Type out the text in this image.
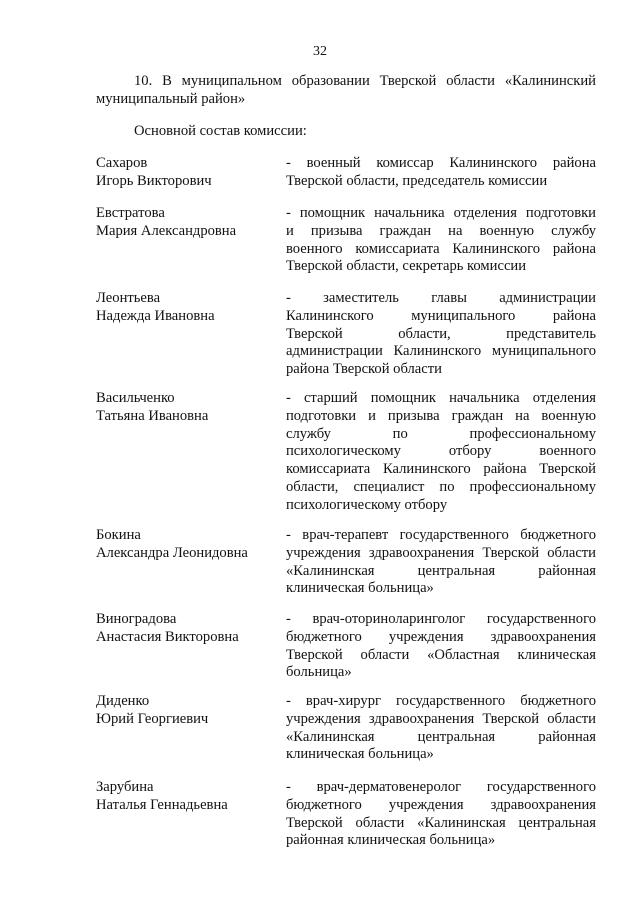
32
10. В муниципальном образовании Тверской области «Калининский муниципальный район»
Основной состав комиссии:
Сахаров
Игорь Викторович
- военный комиссар Калининского района
Тверской области, председатель комиссии
Евстратова
Мария Александровна
- помощник начальника отделения подготовки
и призыва граждан на военную службу
военного комиссариата Калининского района
Тверской области, секретарь комиссии
Леонтьева
Надежда Ивановна
- заместитель главы администрации
Калининского муниципального района
Тверской области, представитель
администрации Калининского муниципального
района Тверской области
Васильченко
Татьяна Ивановна
- старший помощник начальника отделения
подготовки и призыва граждан на военную
службу по профессиональному
психологическому отбору военного
комиссариата Калининского района Тверской
области, специалист по профессиональному
психологическому отбору
Бокина
Александра Леонидовна
- врач-терапевт государственного бюджетного
учреждения здравоохранения Тверской области
«Калининская центральная районная
клиническая больница»
Виноградова
Анастасия Викторовна
- врач-оториноларинголог государственного
бюджетного учреждения здравоохранения
Тверской области «Областная клиническая
больница»
Диденко
Юрий Георгиевич
- врач-хирург государственного бюджетного
учреждения здравоохранения Тверской области
«Калининская центральная районная
клиническая больница»
Зарубина
Наталья Геннадьевна
- врач-дерматовенеролог государственного
бюджетного учреждения здравоохранения
Тверской области «Калининская центральная
районная клиническая больница»
